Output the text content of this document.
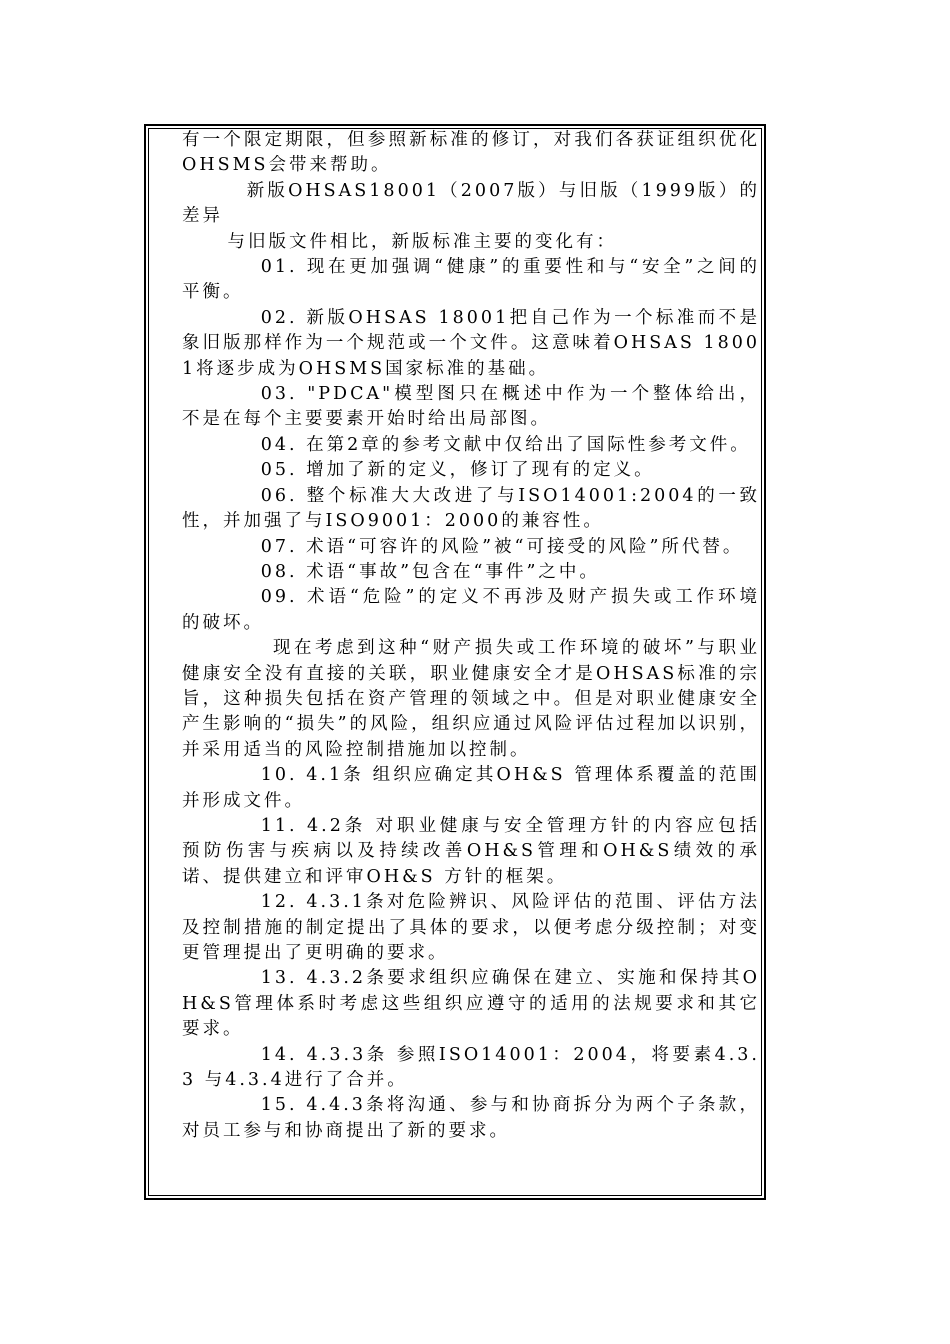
有一个限定期限，但参照新标准的修订，对我们各获证组织优化OHSMS会带来帮助。

新版OHSAS18001（2007版）与旧版（1999版）的差异

与旧版文件相比，新版标准主要的变化有：

01. 现在更加强调“健康”的重要性和与“安全”之间的平衡。

02. 新版OHSAS 18001把自己作为一个标准而不是象旧版那样作为一个规范或一个文件。这意味着OHSAS 18001将逐步成为OHSMS国家标准的基础。

03. "PDCA"模型图只在概述中作为一个整体给出，不是在每个主要要素开始时给出局部图。

04. 在第2章的参考文献中仅给出了国际性参考文件。

05. 增加了新的定义，修订了现有的定义。

06. 整个标准大大改进了与ISO14001:2004的一致性，并加强了与ISO9001：2000的兼容性。

07. 术语“可容许的风险”被“可接受的风险”所代替。

08. 术语“事故”包含在“事件”之中。

09. 术语“危险”的定义不再涉及财产损失或工作环境的破坏。

现在考虑到这种“财产损失或工作环境的破坏”与职业健康安全没有直接的关联，职业健康安全才是OHSAS标准的宗旨，这种损失包括在资产管理的领域之中。但是对职业健康安全产生影响的“损失”的风险，组织应通过风险评估过程加以识别，并采用适当的风险控制措施加以控制。

10. 4.1条 组织应确定其OH&S 管理体系覆盖的范围并形成文件。

11. 4.2条 对职业健康与安全管理方针的内容应包括预防伤害与疾病以及持续改善OH&S管理和OH&S绩效的承诺、提供建立和评审OH&S 方针的框架。

12. 4.3.1条对危险辨识、风险评估的范围、评估方法及控制措施的制定提出了具体的要求，以便考虑分级控制；对变更管理提出了更明确的要求。

13. 4.3.2条要求组织应确保在建立、实施和保持其OH&S管理体系时考虑这些组织应遵守的适用的法规要求和其它要求。

14. 4.3.3条 参照ISO14001：2004，将要素4.3.3 与4.3.4进行了合并。

15. 4.4.3条将沟通、参与和协商拆分为两个子条款，对员工参与和协商提出了新的要求。
